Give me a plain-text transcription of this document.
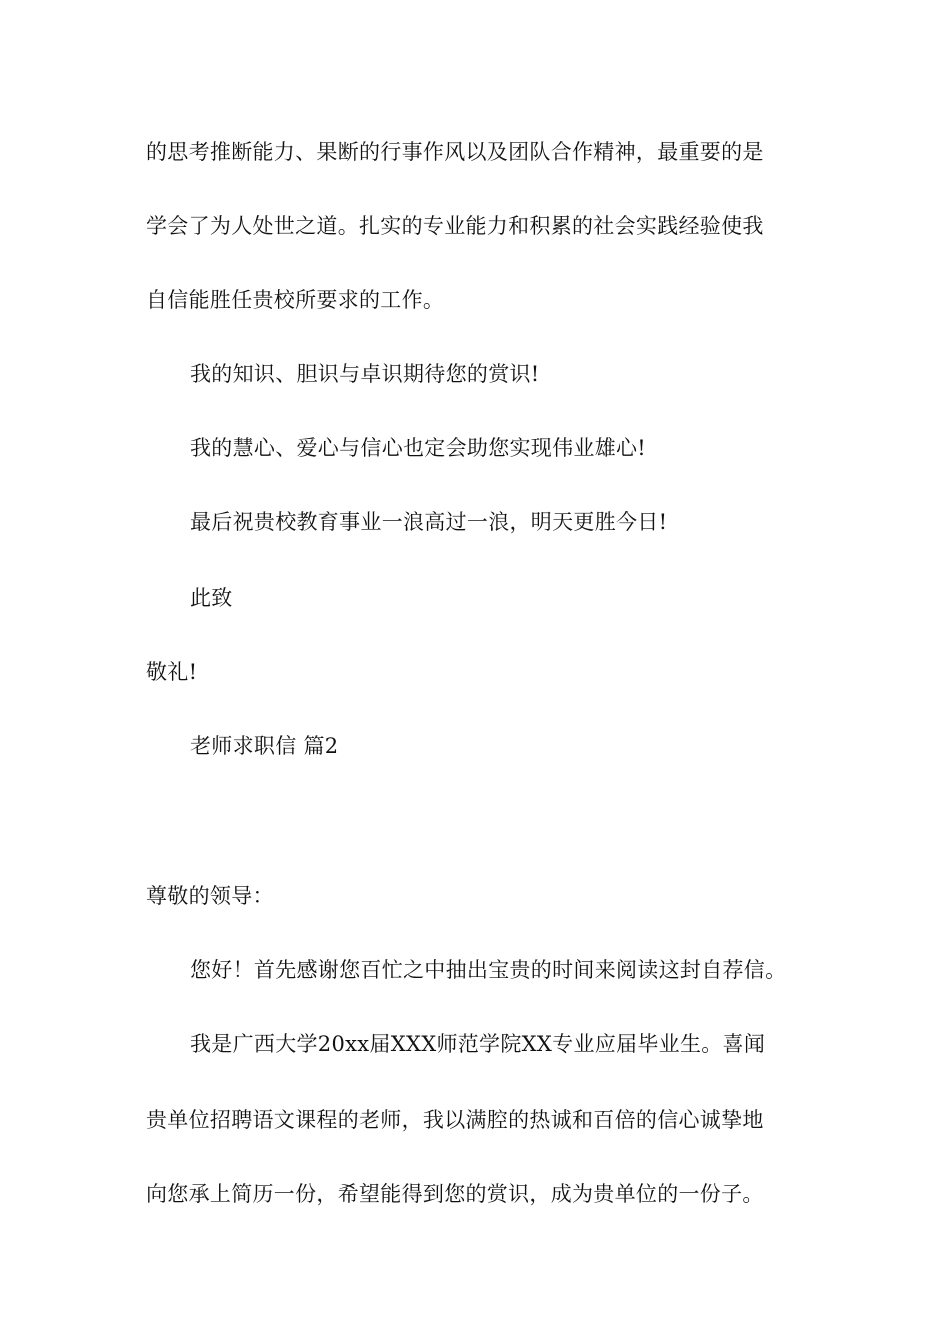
的思考推断能力、果断的行事作风以及团队合作精神，最重要的是
学会了为人处世之道。扎实的专业能力和积累的社会实践经验使我
自信能胜任贵校所要求的工作。
我的知识、胆识与卓识期待您的赏识!
我的慧心、爱心与信心也定会助您实现伟业雄心!
最后祝贵校教育事业一浪高过一浪，明天更胜今日!
此致
敬礼!
老师求职信 篇2
尊敬的领导：
您好！首先感谢您百忙之中抽出宝贵的时间来阅读这封自荐信。
我是广西大学20xx届XXX师范学院XX专业应届毕业生。喜闻
贵单位招聘语文课程的老师，我以满腔的热诚和百倍的信心诚挚地
向您承上简历一份，希望能得到您的赏识，成为贵单位的一份子。
